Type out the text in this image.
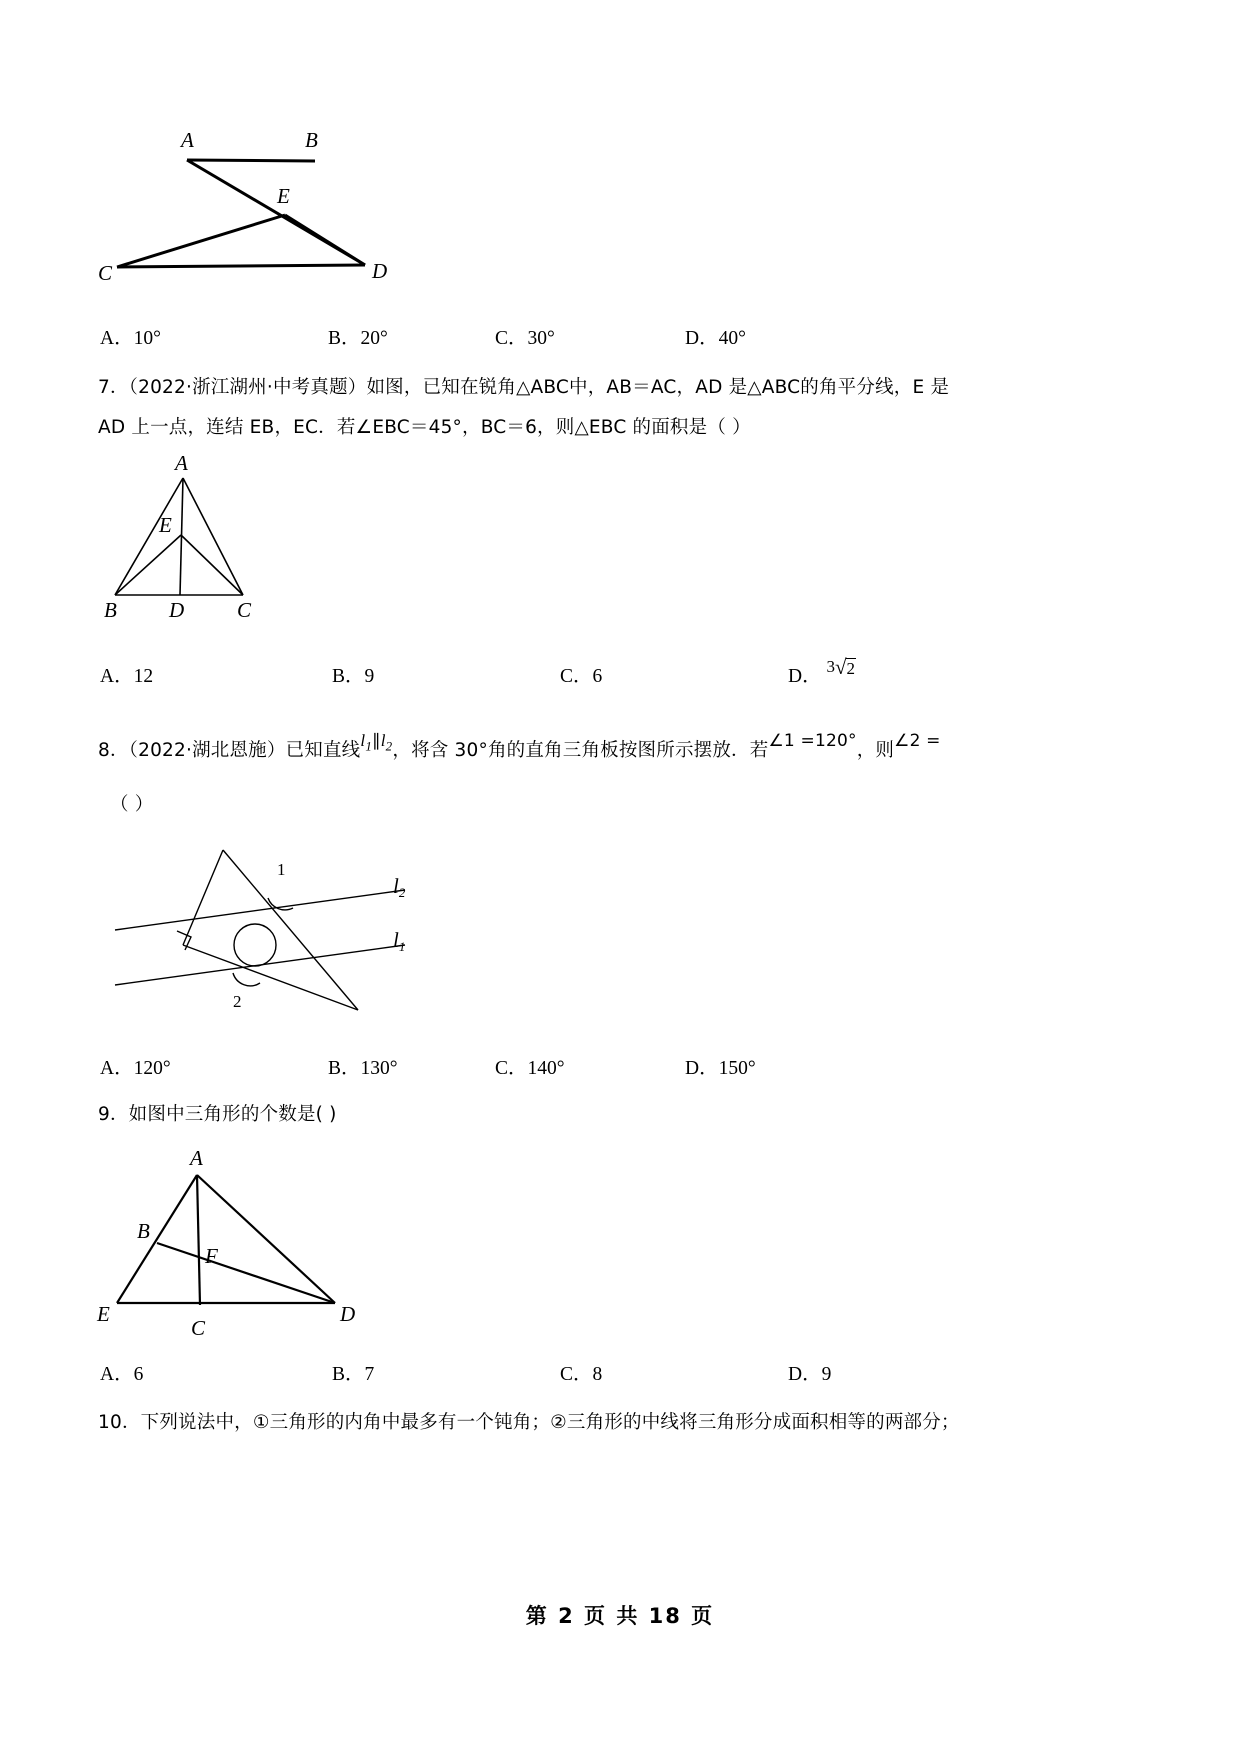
A	B
E
C	D
A．10°	B．20°	C．30°	D．40°
7．（2022·浙江湖州·中考真题）如图，已知在锐角△ABC中，AB＝AC，AD 是△ABC的角平分线，E 是
AD 上一点，连结 EB，EC．若∠EBC＝45°，BC＝6，则△EBC 的面积是（ ）
A
E
B D	C
A．12	B．9	C．6	D． 3√2
8．（2022·湖北恩施）已知直线$l_1\parallel l_2$，将含 30°角的直角三角板按图所示摆放．若∠1 =120°，则∠2 =
（ ）
1
2
l2
l1
A．120°	B．130°	C．140°	D．150°
9．如图中三角形的个数是( )
A
B
F
E
C
D
A．6	B．7	C．8	D．9
10．下列说法中，①三角形的内角中最多有一个钝角；②三角形的中线将三角形分成面积相等的两部分；
第 2 页 共 18 页
